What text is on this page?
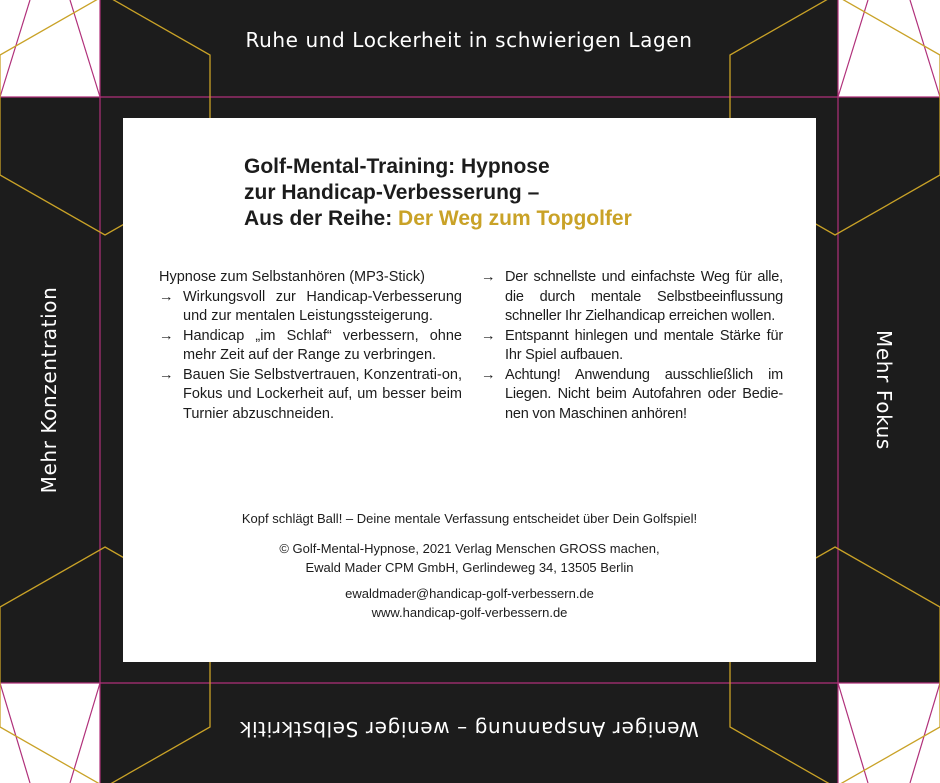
Ruhe und Lockerheit in schwierigen Lagen
Weniger Anspannung – weniger Selbstkritik
Mehr Konzentration	Mehr Fokus
Golf-Mental-Training: Hypnose
zur Handicap-Verbesserung –
Aus der Reihe: Der Weg zum Topgolfer

Hypnose zum Selbstanhören (MP3-Stick)

→ Wirkungsvoll zur Handicap-Verbesserung und zur mentalen Leistungssteigerung.
→ Handicap „im Schlaf“ verbessern, ohne mehr Zeit auf der Range zu verbringen.
→ Bauen Sie Selbstvertrauen, Konzentrati-on, Fokus und Lockerheit auf, um besser beim Turnier abzuschneiden.
→ Der schnellste und einfachste Weg für alle, die durch mentale Selbstbeeinflussung schneller Ihr Zielhandicap erreichen wollen.
→ Entspannt hinlegen und mentale Stärke für Ihr Spiel aufbauen.
→ Achtung! Anwendung ausschließlich im Liegen. Nicht beim Autofahren oder Bedie-nen von Maschinen anhören!
Kopf schlägt Ball! – Deine mentale Verfassung entscheidet über Dein Golfspiel!
© Golf-Mental-Hypnose, 2021 Verlag Menschen GROSS machen,
Ewald Mader CPM GmbH, Gerlindeweg 34, 13505 Berlin
ewaldmader@handicap-golf-verbessern.de
www.handicap-golf-verbessern.de
